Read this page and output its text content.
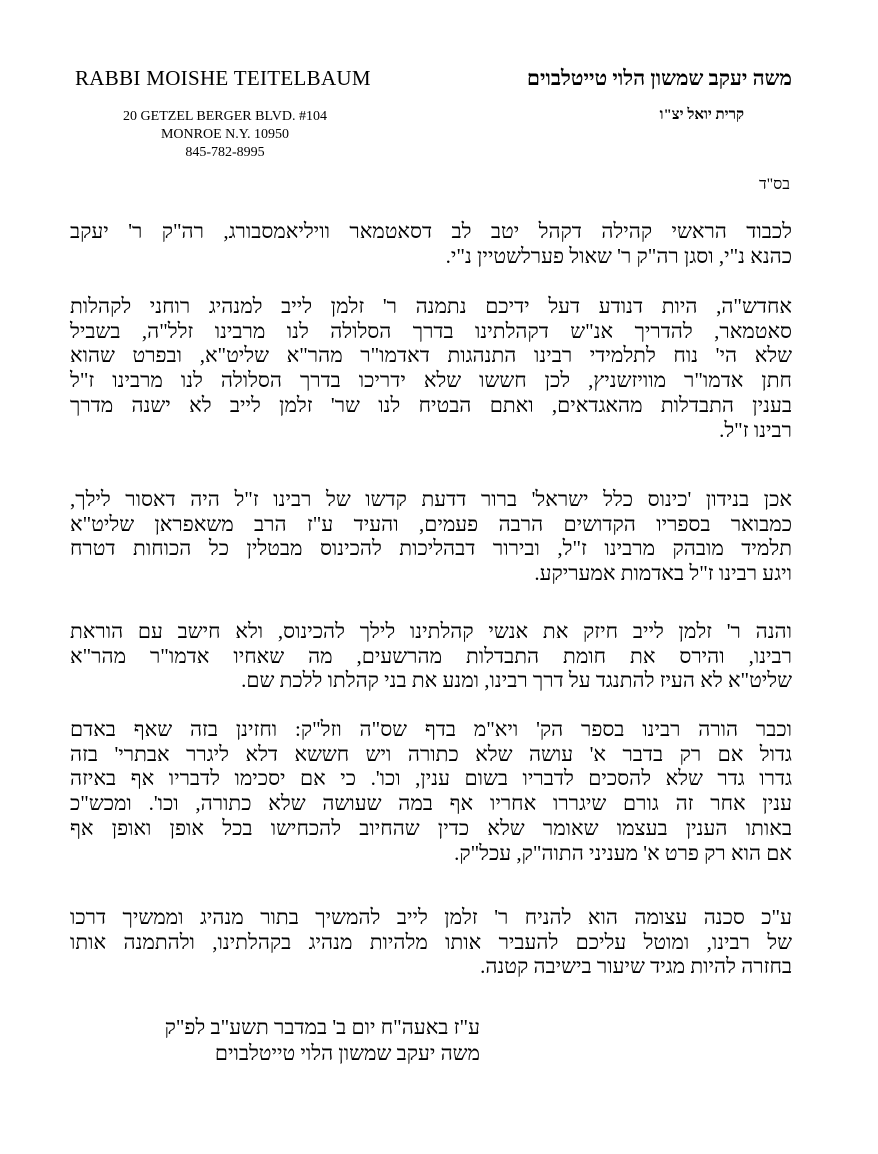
RABBI MOISHE TEITELBAUM	משה יעקב שמשון הלוי טייטלבוים
20 GETZEL BERGER BLVD. #104
MONROE N.Y. 10950
845-782-8995
קרית יואל יצ"ו
בס"ד
לכבוד הראשי קהילה דקהל יטב לב דסאטמאר וויליאמסבורג, רה"ק ר' יעקב
כהנא נ"י, וסגן רה"ק ר' שאול פערלשטיין נ"י.
אחדש"ה, היות דנודע דעל ידיכם נתמנה ר' זלמן לייב למנהיג רוחני לקהלות
סאטמאר, להדריך אנ"ש דקהלתינו בדרך הסלולה לנו מרבינו זלל"ה, בשביל
שלא הי' נוח לתלמידי רבינו התנהגות דאדמו"ר מהר"א שליט"א, ובפרט שהוא
חתן אדמו"ר מוויזשניץ, לכן חששו שלא ידריכו בדרך הסלולה לנו מרבינו ז"ל
בענין התבדלות מהאגדאים, ואתם הבטיח לנו שר' זלמן לייב לא ישנה מדרך
רבינו ז"ל.
אכן בנידון 'כינוס כלל ישראל' ברור דדעת קדשו של רבינו ז"ל היה דאסור לילך,
כמבואר בספריו הקדושים הרבה פעמים, והעיד ע"ז הרב משאפראן שליט"א
תלמיד מובהק מרבינו ז"ל, ובירור דבהליכות להכינוס מבטלין כל הכוחות דטרח
ויגע רבינו ז"ל באדמות אמעריקע.
והנה ר' זלמן לייב חיזק את אנשי קהלתינו לילך להכינוס, ולא חישב עם הוראת
רבינו, והירס את חומת התבדלות מהרשעים, מה שאחיו אדמו"ר מהר"א
שליט"א לא העיז להתנגד על דרך רבינו, ומנע את בני קהלתו ללכת שם.
וכבר הורה רבינו בספר הק' ויא"מ בדף שס"ה וזל"ק: וחזינן בזה שאף באדם
גדול אם רק בדבר א' עושה שלא כתורה ויש חששא דלא ליגרר אבתרי' בזה
גדרו גדר שלא להסכים לדבריו בשום ענין, וכו'. כי אם יסכימו לדבריו אף באיזה
ענין אחר זה גורם שיגררו אחריו אף במה שעושה שלא כתורה, וכו'. ומכש"כ
באותו הענין בעצמו שאומר שלא כדין שהחיוב להכחישו בכל אופן ואופן אף
אם הוא רק פרט א' מעניני התוה"ק, עכל"ק.
ע"כ סכנה עצומה הוא להניח ר' זלמן לייב להמשיך בתור מנהיג וממשיך דרכו
של רבינו, ומוטל עליכם להעביר אותו מלהיות מנהיג בקהלתינו, ולהתמנה אותו
בחזרה להיות מגיד שיעור בישיבה קטנה.
ע"ז באעה"ח יום ב' במדבר תשע"ב לפ"ק
משה יעקב שמשון הלוי טייטלבוים
